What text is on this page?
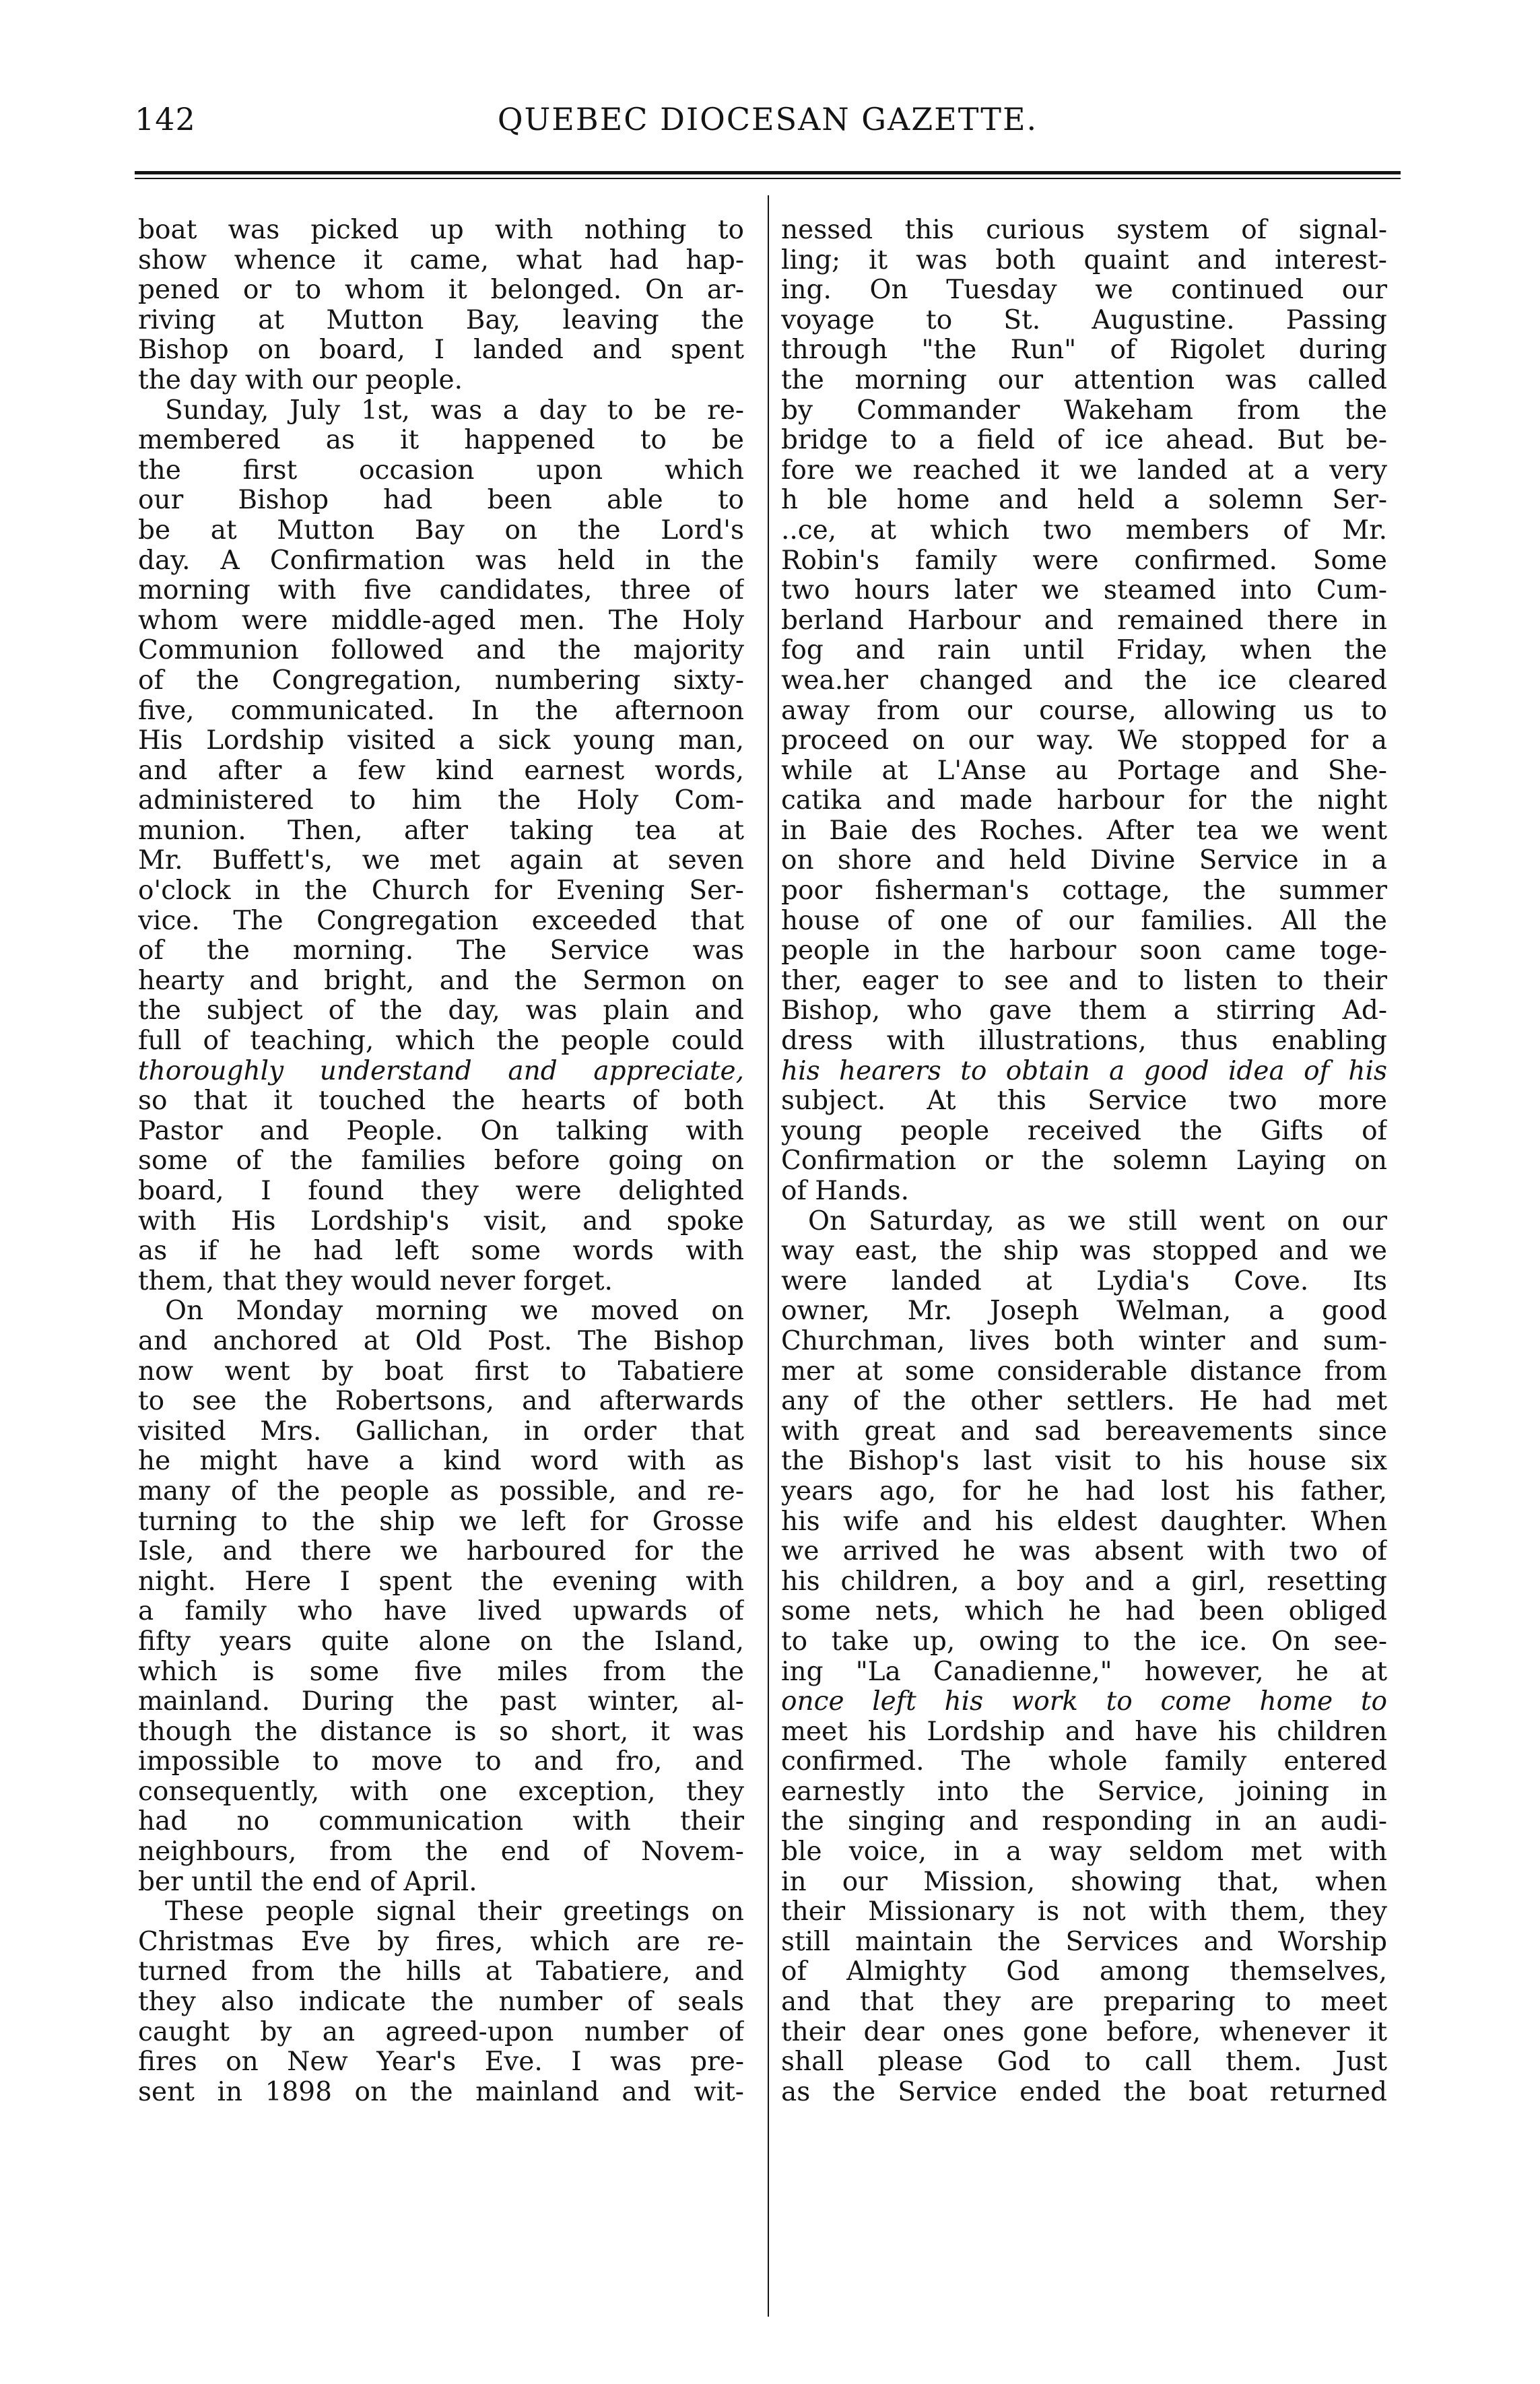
142	QUEBEC DIOCESAN GAZETTE.
boat was picked up with nothing to
show whence it came, what had hap-
pened or to whom it belonged. On ar-
riving at Mutton Bay, leaving the
Bishop on board, I landed and spent
the day with our people.
Sunday, July 1st, was a day to be re-
membered as it happened to be
the first occasion upon which
our Bishop had been able to
be at Mutton Bay on the Lord's
day. A Confirmation was held in the
morning with five candidates, three of
whom were middle-aged men. The Holy
Communion followed and the majority
of the Congregation, numbering sixty-
five, communicated. In the afternoon
His Lordship visited a sick young man,
and after a few kind earnest words,
administered to him the Holy Com-
munion. Then, after taking tea at
Mr. Buffett's, we met again at seven
o'clock in the Church for Evening Ser-
vice. The Congregation exceeded that
of the morning. The Service was
hearty and bright, and the Sermon on
the subject of the day, was plain and
full of teaching, which the people could
thoroughly understand and appreciate,
so that it touched the hearts of both
Pastor and People. On talking with
some of the families before going on
board, I found they were delighted
with His Lordship's visit, and spoke
as if he had left some words with
them, that they would never forget.
On Monday morning we moved on
and anchored at Old Post. The Bishop
now went by boat first to Tabatiere
to see the Robertsons, and afterwards
visited Mrs. Gallichan, in order that
he might have a kind word with as
many of the people as possible, and re-
turning to the ship we left for Grosse
Isle, and there we harboured for the
night. Here I spent the evening with
a family who have lived upwards of
fifty years quite alone on the Island,
which is some five miles from the
mainland. During the past winter, al-
though the distance is so short, it was
impossible to move to and fro, and
consequently, with one exception, they
had no communication with their
neighbours, from the end of Novem-
ber until the end of April.
These people signal their greetings on
Christmas Eve by fires, which are re-
turned from the hills at Tabatiere, and
they also indicate the number of seals
caught by an agreed-upon number of
fires on New Year's Eve. I was pre-
sent in 1898 on the mainland and wit-
nessed this curious system of signal-
ling; it was both quaint and interest-
ing. On Tuesday we continued our
voyage to St. Augustine. Passing
through "the Run" of Rigolet during
the morning our attention was called
by Commander Wakeham from the
bridge to a field of ice ahead. But be-
fore we reached it we landed at a very
h ble home and held a solemn Ser-
..ce, at which two members of Mr.
Robin's family were confirmed. Some
two hours later we steamed into Cum-
berland Harbour and remained there in
fog and rain until Friday, when the
wea.her changed and the ice cleared
away from our course, allowing us to
proceed on our way. We stopped for a
while at L'Anse au Portage and She-
catika and made harbour for the night
in Baie des Roches. After tea we went
on shore and held Divine Service in a
poor fisherman's cottage, the summer
house of one of our families. All the
people in the harbour soon came toge-
ther, eager to see and to listen to their
Bishop, who gave them a stirring Ad-
dress with illustrations, thus enabling
his hearers to obtain a good idea of his
subject. At this Service two more
young people received the Gifts of
Confirmation or the solemn Laying on
of Hands.
On Saturday, as we still went on our
way east, the ship was stopped and we
were landed at Lydia's Cove. Its
owner, Mr. Joseph Welman, a good
Churchman, lives both winter and sum-
mer at some considerable distance from
any of the other settlers. He had met
with great and sad bereavements since
the Bishop's last visit to his house six
years ago, for he had lost his father,
his wife and his eldest daughter. When
we arrived he was absent with two of
his children, a boy and a girl, resetting
some nets, which he had been obliged
to take up, owing to the ice. On see-
ing "La Canadienne," however, he at
once left his work to come home to
meet his Lordship and have his children
confirmed. The whole family entered
earnestly into the Service, joining in
the singing and responding in an audi-
ble voice, in a way seldom met with
in our Mission, showing that, when
their Missionary is not with them, they
still maintain the Services and Worship
of Almighty God among themselves,
and that they are preparing to meet
their dear ones gone before, whenever it
shall please God to call them. Just
as the Service ended the boat returned
